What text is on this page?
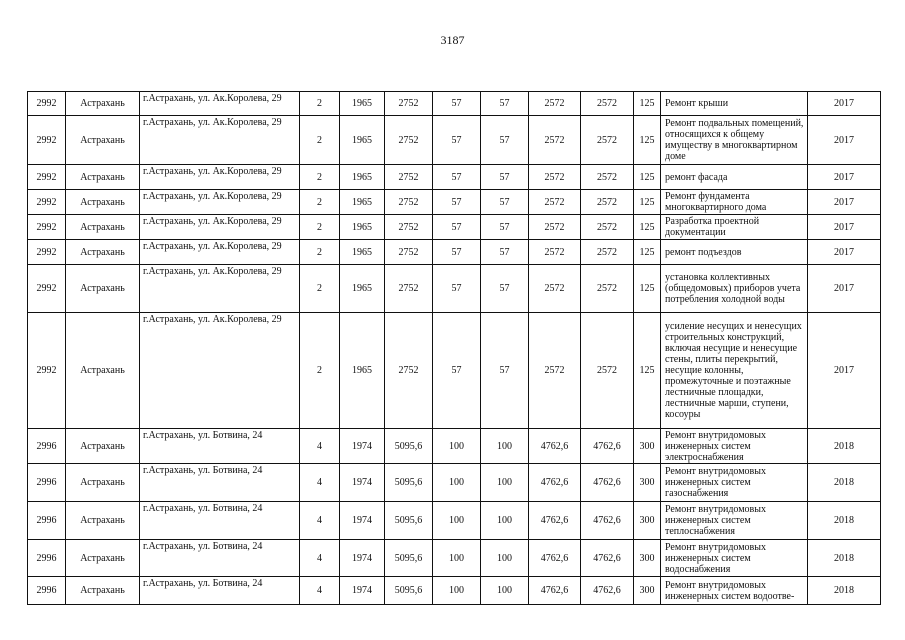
3187
2992	Астрахань	г.Астрахань, ул. Ак.Королева, 29	2	1965	2752	57	57	2572	2572	125	Ремонт крыши	2017
2992	Астрахань	г.Астрахань, ул. Ак.Королева, 29	2	1965	2752	57	57	2572	2572	125	Ремонт подвальных помещений, относящихся к общему имуществу в многоквартирном доме	2017
2992	Астрахань	г.Астрахань, ул. Ак.Королева, 29	2	1965	2752	57	57	2572	2572	125	ремонт фасада	2017
2992	Астрахань	г.Астрахань, ул. Ак.Королева, 29	2	1965	2752	57	57	2572	2572	125	Ремонт фундамента многоквартирного дома	2017
2992	Астрахань	г.Астрахань, ул. Ак.Королева, 29	2	1965	2752	57	57	2572	2572	125	Разработка проектной документации	2017
2992	Астрахань	г.Астрахань, ул. Ак.Королева, 29	2	1965	2752	57	57	2572	2572	125	ремонт подъездов	2017
2992	Астрахань	г.Астрахань, ул. Ак.Королева, 29	2	1965	2752	57	57	2572	2572	125	установка коллективных (общедомовых) приборов учета потребления холодной воды	2017
2992	Астрахань	г.Астрахань, ул. Ак.Королева, 29	2	1965	2752	57	57	2572	2572	125	усиление несущих и ненесущих строительных конструкций, включая несущие и ненесущие стены, плиты перекрытий, несущие колонны, промежуточные и поэтажные лестничные площадки, лестничные марши, ступени, косоуры	2017
2996	Астрахань	г.Астрахань, ул. Ботвина, 24	4	1974	5095,6	100	100	4762,6	4762,6	300	Ремонт внутридомовых инженерных систем электроснабжения	2018
2996	Астрахань	г.Астрахань, ул. Ботвина, 24	4	1974	5095,6	100	100	4762,6	4762,6	300	Ремонт внутридомовых инженерных систем газоснабжения	2018
2996	Астрахань	г.Астрахань, ул. Ботвина, 24	4	1974	5095,6	100	100	4762,6	4762,6	300	Ремонт внутридомовых инженерных систем теплоснабжения	2018
2996	Астрахань	г.Астрахань, ул. Ботвина, 24	4	1974	5095,6	100	100	4762,6	4762,6	300	Ремонт внутридомовых инженерных систем водоснабжения	2018
2996	Астрахань	г.Астрахань, ул. Ботвина, 24	4	1974	5095,6	100	100	4762,6	4762,6	300	Ремонт внутридомовых инженерных систем водоотве-	2018
